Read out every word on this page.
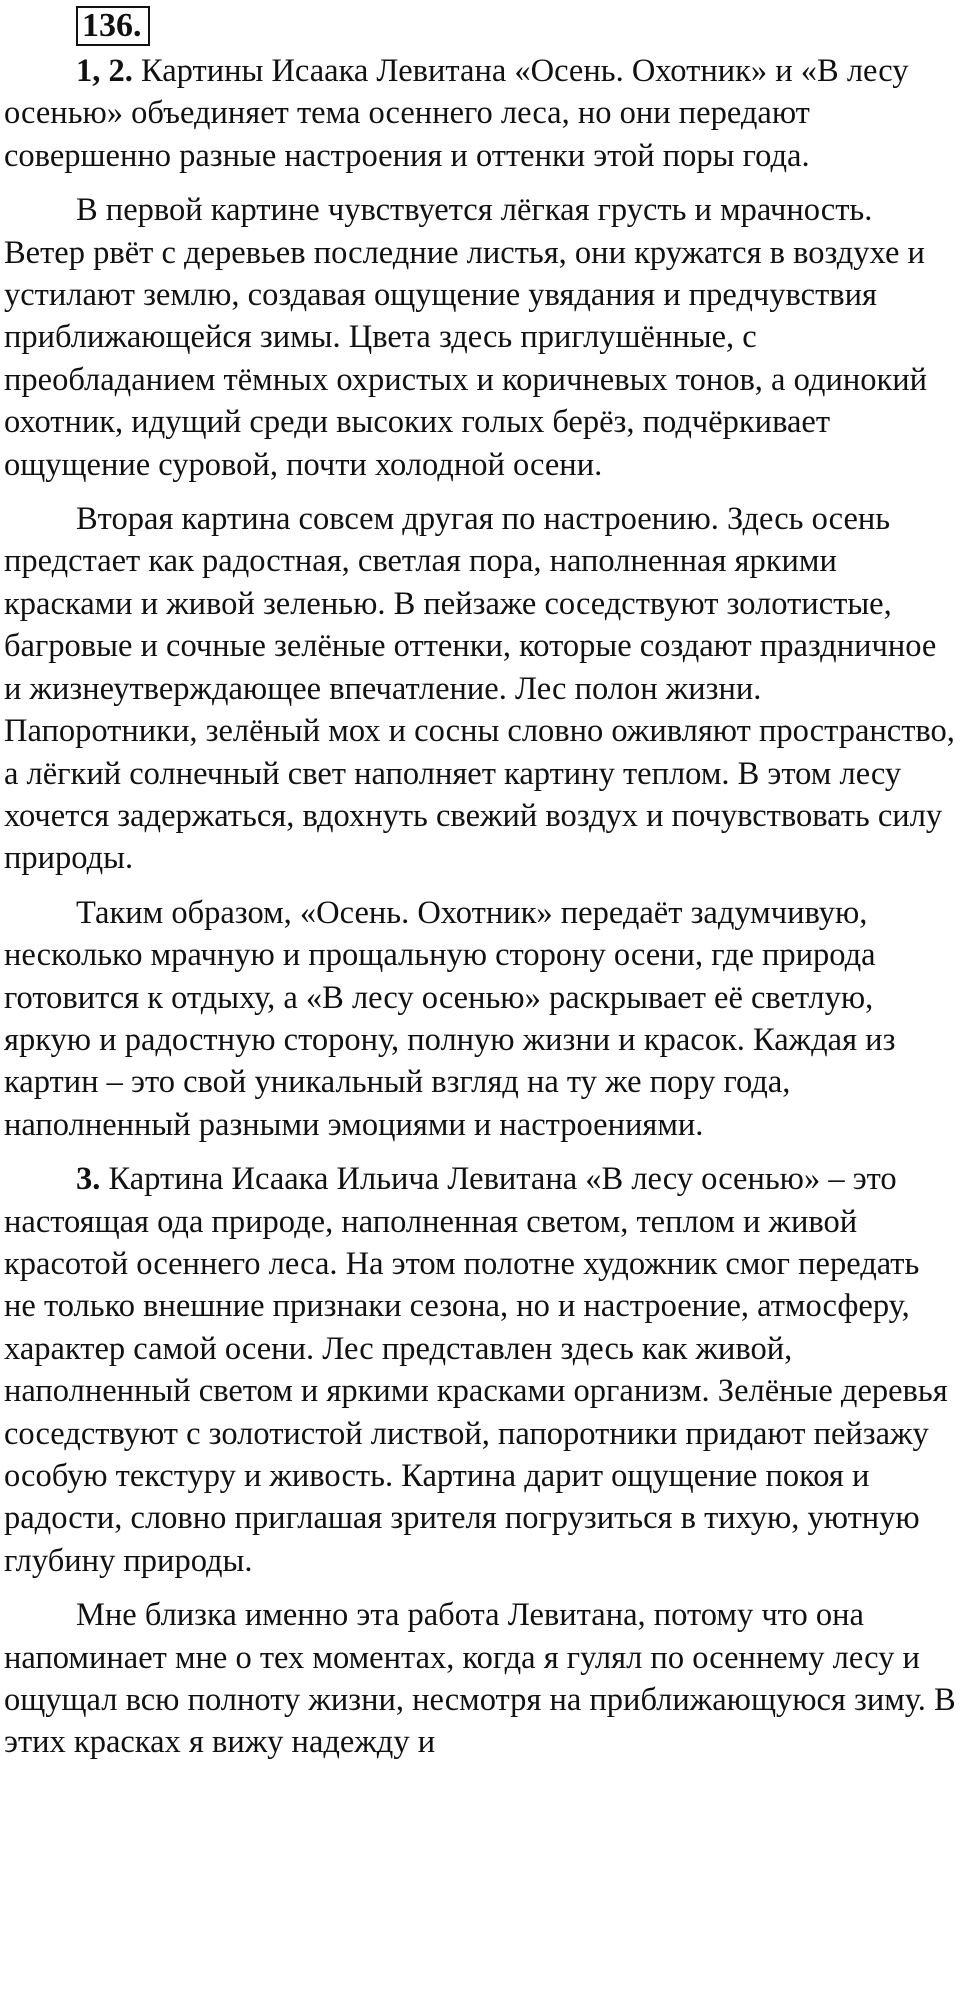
136.

1, 2. Картины Исаака Левитана «Осень. Охотник» и «В лесу осенью» объединяет тема осеннего леса, но они передают совершенно разные настроения и оттенки этой поры года.

В первой картине чувствуется лёгкая грусть и мрачность. Ветер рвёт с деревьев последние листья, они кружатся в воздухе и устилают землю, создавая ощущение увядания и предчувствия приближающейся зимы. Цвета здесь приглушённые, с преобладанием тёмных охристых и коричневых тонов, а одинокий охотник, идущий среди высоких голых берёз, подчёркивает ощущение суровой, почти холодной осени.

Вторая картина совсем другая по настроению. Здесь осень предстает как радостная, светлая пора, наполненная яркими красками и живой зеленью. В пейзаже соседствуют золотистые, багровые и сочные зелёные оттенки, которые создают праздничное и жизнеутверждающее впечатление. Лес полон жизни. Папоротники, зелёный мох и сосны словно оживляют пространство, а лёгкий солнечный свет наполняет картину теплом. В этом лесу хочется задержаться, вдохнуть свежий воздух и почувствовать силу природы.

Таким образом, «Осень. Охотник» передаёт задумчивую, несколько мрачную и прощальную сторону осени, где природа готовится к отдыху, а «В лесу осенью» раскрывает её светлую, яркую и радостную сторону, полную жизни и красок. Каждая из картин – это свой уникальный взгляд на ту же пору года, наполненный разными эмоциями и настроениями.

3. Картина Исаака Ильича Левитана «В лесу осенью» – это настоящая ода природе, наполненная светом, теплом и живой красотой осеннего леса. На этом полотне художник смог передать не только внешние признаки сезона, но и настроение, атмосферу, характер самой осени. Лес представлен здесь как живой, наполненный светом и яркими красками организм. Зелёные деревья соседствуют с золотистой листвой, папоротники придают пейзажу особую текстуру и живость. Картина дарит ощущение покоя и радости, словно приглашая зрителя погрузиться в тихую, уютную глубину природы.

Мне близка именно эта работа Левитана, потому что она напоминает мне о тех моментах, когда я гулял по осеннему лесу и ощущал всю полноту жизни, несмотря на приближающуюся зиму. В этих красках я вижу надежду и
